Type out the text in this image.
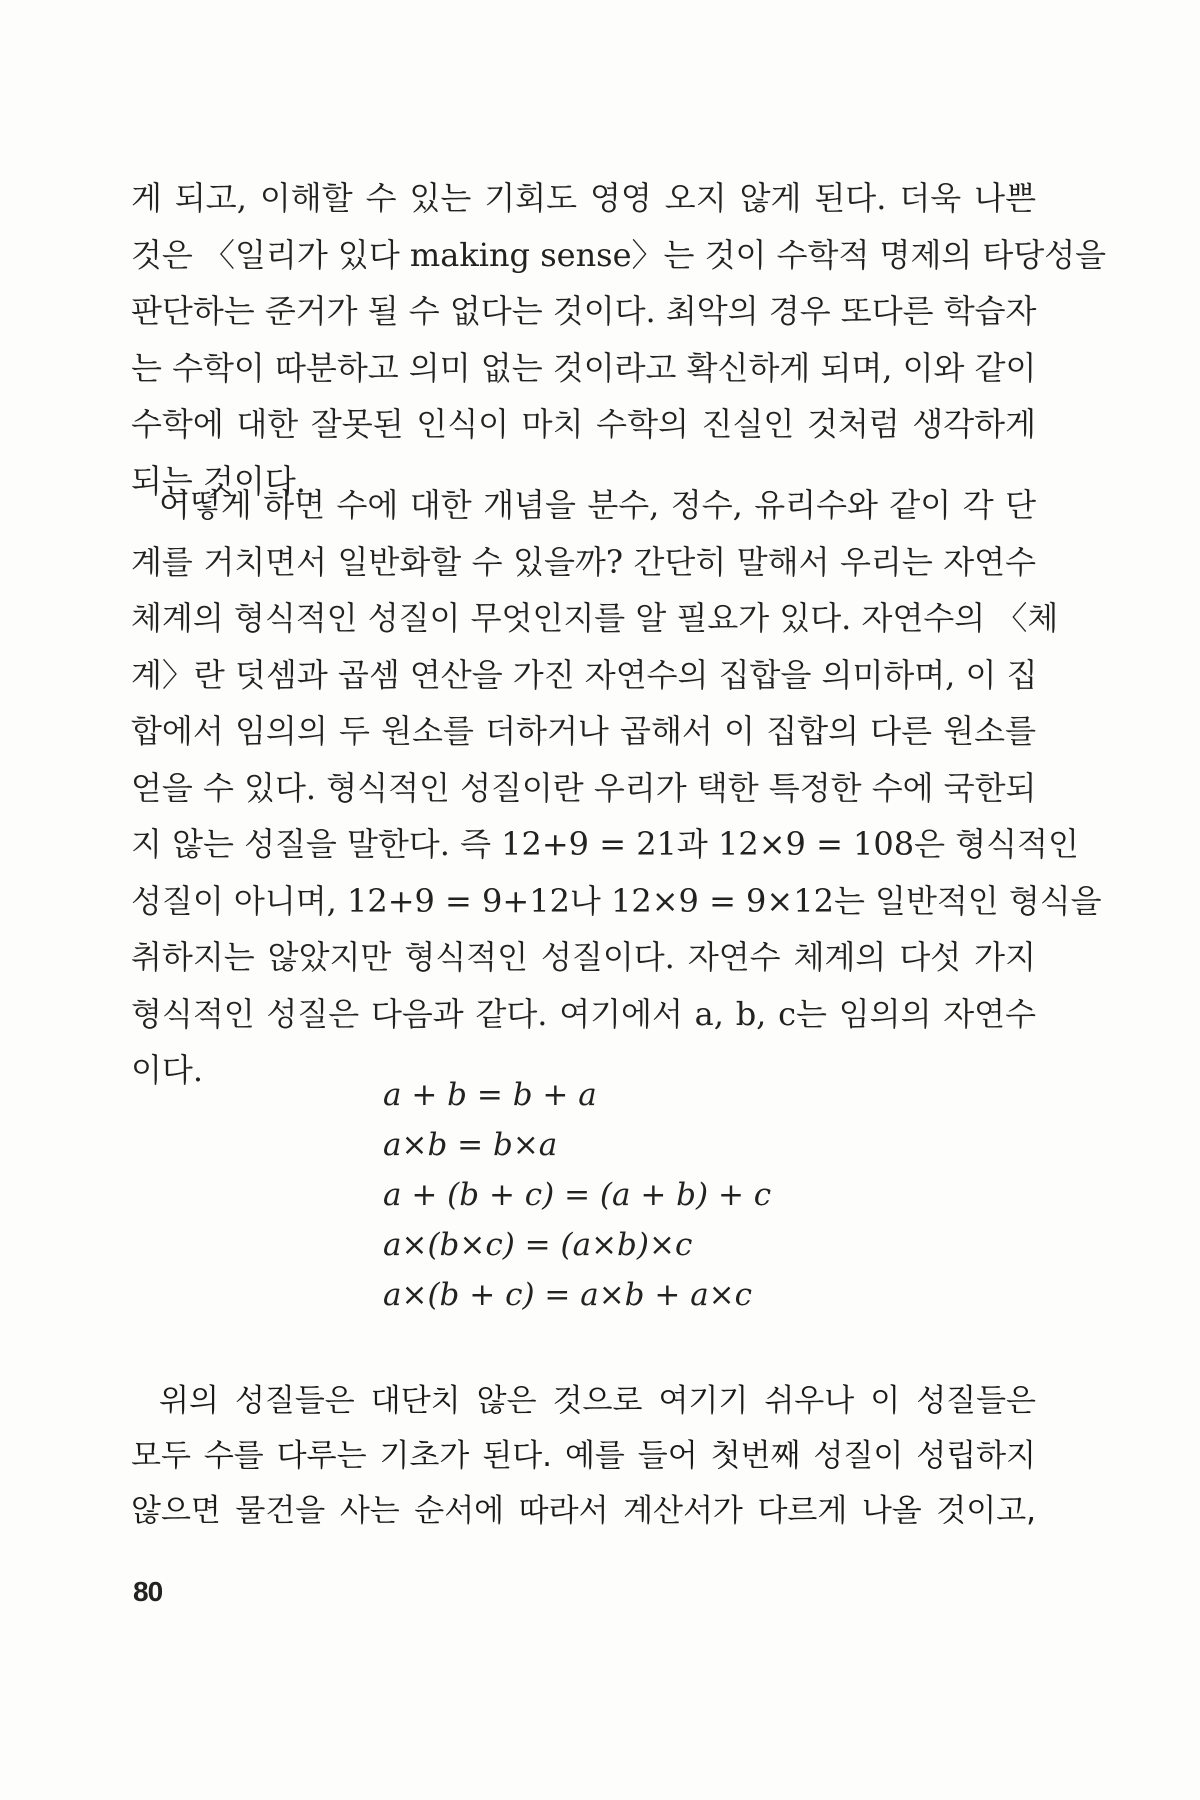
게 되고, 이해할 수 있는 기회도 영영 오지 않게 된다. 더욱 나쁜
것은 〈일리가 있다 making sense〉는 것이 수학적 명제의 타당성을
판단하는 준거가 될 수 없다는 것이다. 최악의 경우 또다른 학습자
는 수학이 따분하고 의미 없는 것이라고 확신하게 되며, 이와 같이
수학에 대한 잘못된 인식이 마치 수학의 진실인 것처럼 생각하게
되는 것이다.
어떻게 하면 수에 대한 개념을 분수, 정수, 유리수와 같이 각 단
계를 거치면서 일반화할 수 있을까? 간단히 말해서 우리는 자연수
체계의 형식적인 성질이 무엇인지를 알 필요가 있다. 자연수의 〈체
계〉란 덧셈과 곱셈 연산을 가진 자연수의 집합을 의미하며, 이 집
합에서 임의의 두 원소를 더하거나 곱해서 이 집합의 다른 원소를
얻을 수 있다. 형식적인 성질이란 우리가 택한 특정한 수에 국한되
지 않는 성질을 말한다. 즉 12+9 = 21과 12×9 = 108은 형식적인
성질이 아니며, 12+9 = 9+12나 12×9 = 9×12는 일반적인 형식을
취하지는 않았지만 형식적인 성질이다. 자연수 체계의 다섯 가지
형식적인 성질은 다음과 같다. 여기에서 a, b, c는 임의의 자연수
이다.
a + b = b + a
a×b = b×a
a + (b + c) = (a + b) + c
a×(b×c) = (a×b)×c
a×(b + c) = a×b + a×c
위의 성질들은 대단치 않은 것으로 여기기 쉬우나 이 성질들은
모두 수를 다루는 기초가 된다. 예를 들어 첫번째 성질이 성립하지
않으면 물건을 사는 순서에 따라서 계산서가 다르게 나올 것이고,
80
